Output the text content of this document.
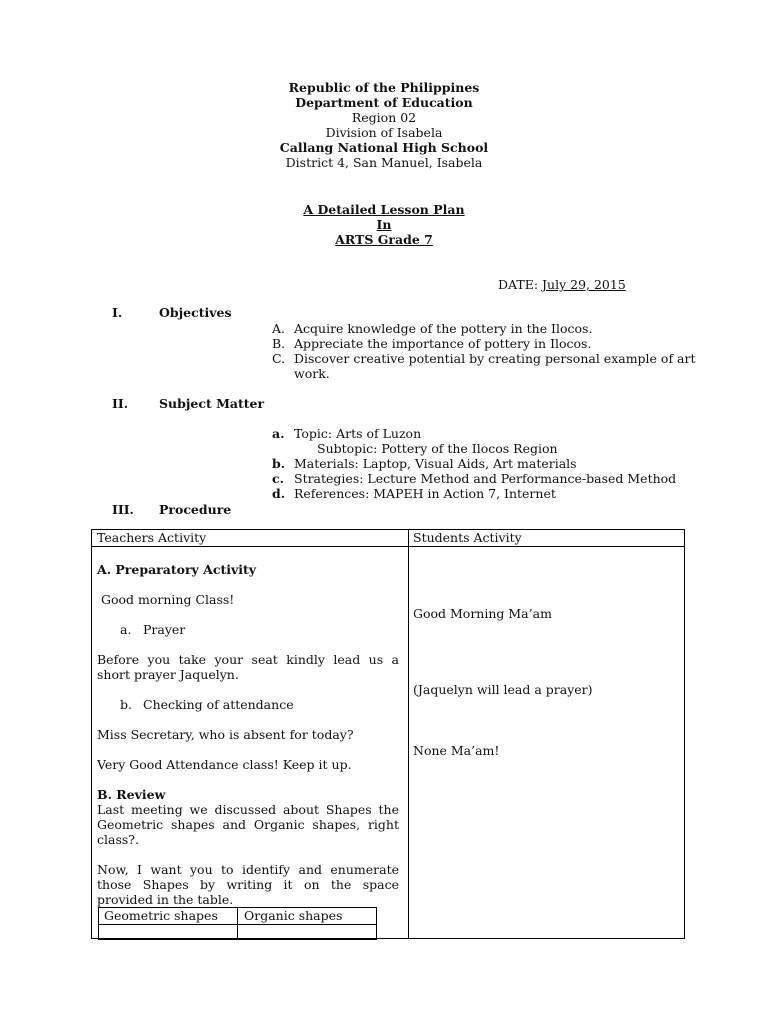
Republic of the Philippines
Department of Education
Region 02
Division of Isabela
Callang National High School
District 4, San Manuel, Isabela
A Detailed Lesson Plan
In
ARTS Grade 7
DATE: July 29, 2015
I.	Objectives
A. Acquire knowledge of the pottery in the Ilocos.
B. Appreciate the importance of pottery in Ilocos.
C. Discover creative potential by creating personal example of art
work.
II. Subject Matter
a. Topic: Arts of Luzon
Subtopic: Pottery of the Ilocos Region
b. Materials: Laptop, Visual Aids, Art materials
c. Strategies: Lecture Method and Performance-based Method
d. References: MAPEH in Action 7, Internet
III. Procedure
Teachers Activity	Students Activity
A. Preparatory Activity
Good morning Class!
a. Prayer
Before you take your seat kindly lead us a short prayer Jaquelyn.
b. Checking of attendance
Miss Secretary, who is absent for today?
Very Good Attendance class! Keep it up.
B. Review
Last meeting we discussed about Shapes the Geometric shapes and Organic shapes, right class?.
Now, I want you to identify and enumerate those Shapes by writing it on the space provided in the table.
Good Morning Ma’am
(Jaquelyn will lead a prayer)
None Ma’am!
Geometric shapes Organic shapes
